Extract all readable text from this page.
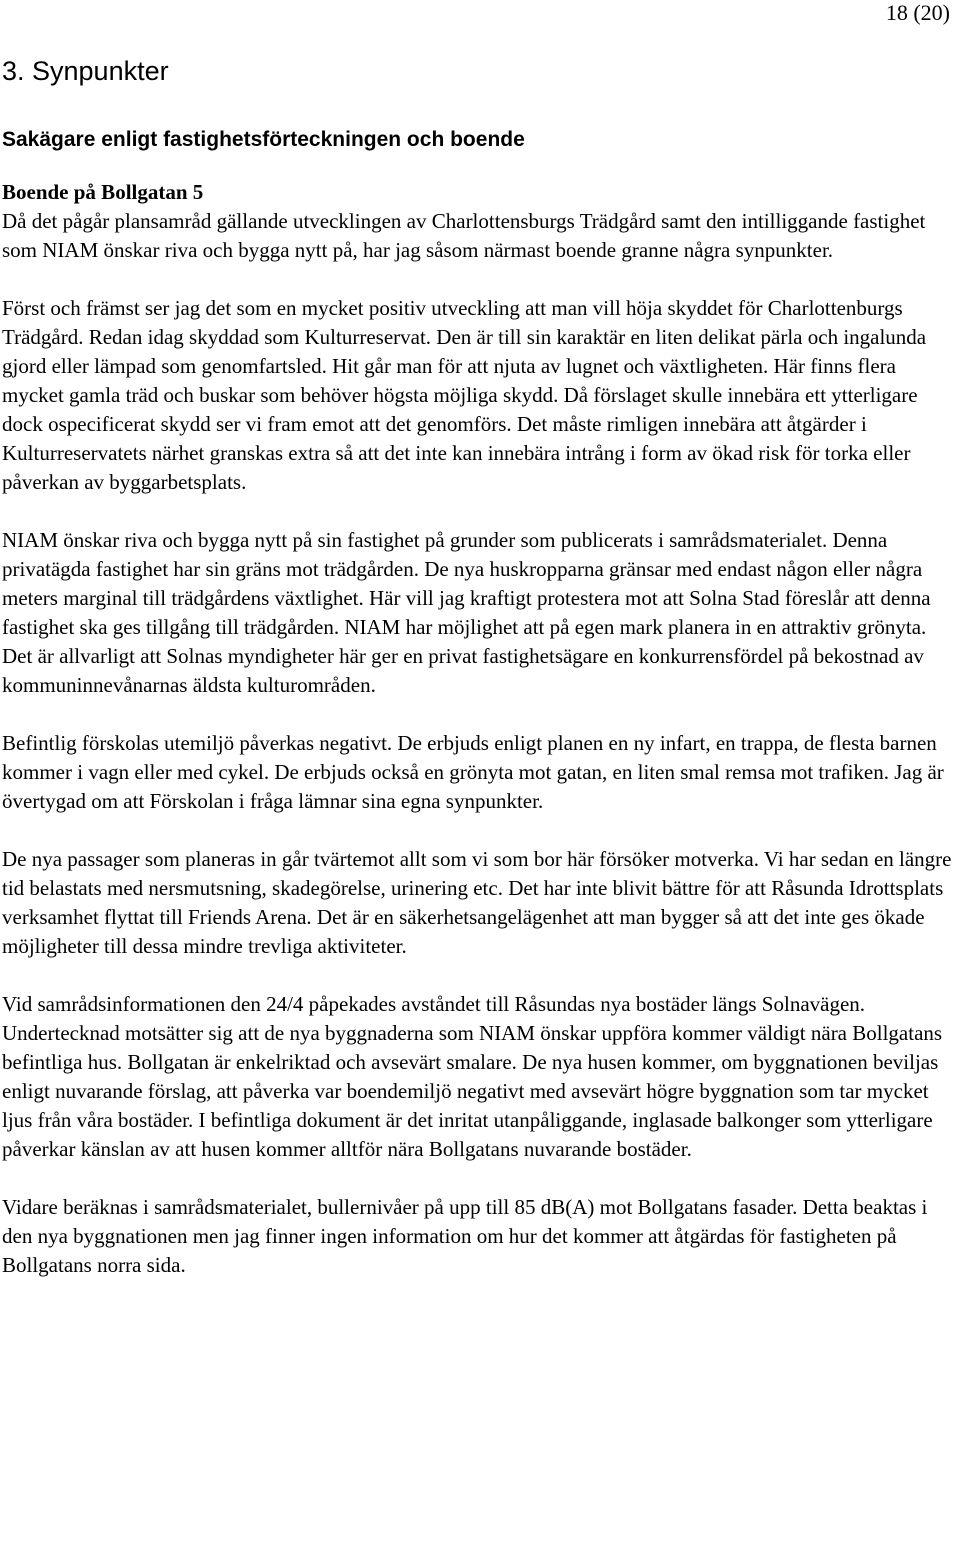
18 (20)
3. Synpunkter
Sakägare enligt fastighetsförteckningen och boende
Boende på Bollgatan 5

Då det pågår plansamråd gällande utvecklingen av Charlottensburgs Trädgård samt den intilliggande fastighet som NIAM önskar riva och bygga nytt på, har jag såsom närmast boende granne några synpunkter.

Först och främst ser jag det som en mycket positiv utveckling att man vill höja skyddet för Charlottenburgs Trädgård. Redan idag skyddad som Kulturreservat. Den är till sin karaktär en liten delikat pärla och ingalunda gjord eller lämpad som genomfartsled. Hit går man för att njuta av lugnet och växtligheten. Här finns flera mycket gamla träd och buskar som behöver högsta möjliga skydd. Då förslaget skulle innebära ett ytterligare dock ospecificerat skydd ser vi fram emot att det genomförs. Det måste rimligen innebära att åtgärder i Kulturreservatets närhet granskas extra så att det inte kan innebära intrång i form av ökad risk för torka eller påverkan av byggarbetsplats.

NIAM önskar riva och bygga nytt på sin fastighet på grunder som publicerats i samrådsmaterialet. Denna privatägda fastighet har sin gräns mot trädgården. De nya huskropparna gränsar med endast någon eller några meters marginal till trädgårdens växtlighet. Här vill jag kraftigt protestera mot att Solna Stad föreslår att denna fastighet ska ges tillgång till trädgården. NIAM har möjlighet att på egen mark planera in en attraktiv grönyta. Det är allvarligt att Solnas myndigheter här ger en privat fastighetsägare en konkurrensfördel på bekostnad av kommuninnevånarnas äldsta kulturområden.

Befintlig förskolas utemiljö påverkas negativt. De erbjuds enligt planen en ny infart, en trappa, de flesta barnen kommer i vagn eller med cykel. De erbjuds också en grönyta mot gatan, en liten smal remsa mot trafiken. Jag är övertygad om att Förskolan i fråga lämnar sina egna synpunkter.

De nya passager som planeras in går tvärtemot allt som vi som bor här försöker motverka. Vi har sedan en längre tid belastats med nersmutsning, skadegörelse, urinering etc. Det har inte blivit bättre för att Råsunda Idrottsplats verksamhet flyttat till Friends Arena. Det är en säkerhetsangelägenhet att man bygger så att det inte ges ökade möjligheter till dessa mindre trevliga aktiviteter.

Vid samrådsinformationen den 24/4 påpekades avståndet till Råsundas nya bostäder längs Solnavägen. Undertecknad motsätter sig att de nya byggnaderna som NIAM önskar uppföra kommer väldigt nära Bollgatans befintliga hus. Bollgatan är enkelriktad och avsevärt smalare. De nya husen kommer, om byggnationen beviljas enligt nuvarande förslag, att påverka var boendemiljö negativt med avsevärt högre byggnation som tar mycket ljus från våra bostäder. I befintliga dokument är det inritat utanpåliggande, inglasade balkonger som ytterligare påverkar känslan av att husen kommer alltför nära Bollgatans nuvarande bostäder.

Vidare beräknas i samrådsmaterialet, bullernivåer på upp till 85 dB(A) mot Bollgatans fasader. Detta beaktas i den nya byggnationen men jag finner ingen information om hur det kommer att åtgärdas för fastigheten på Bollgatans norra sida.
